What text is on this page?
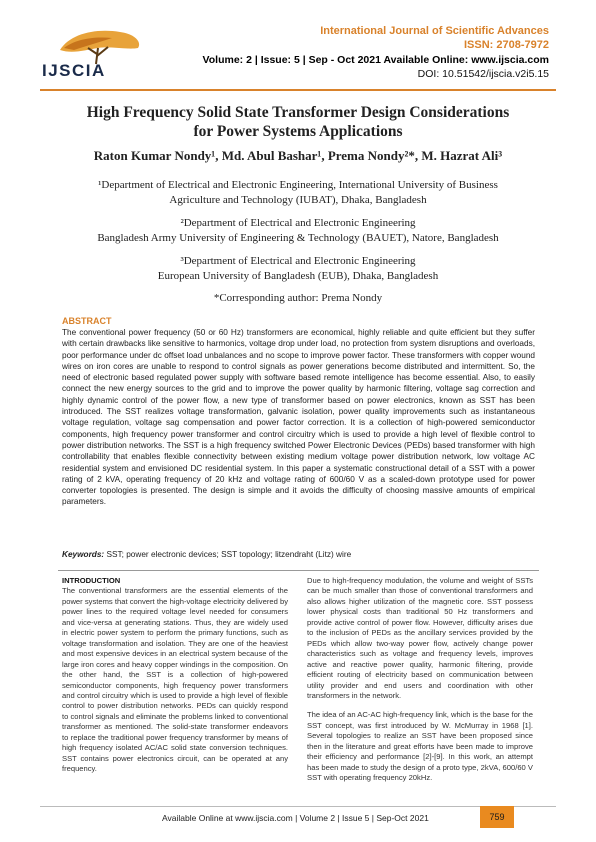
IJSCIA
International Journal of Scientific Advances
ISSN: 2708-7972
Volume: 2 | Issue: 5 | Sep - Oct 2021 Available Online: www.ijscia.com
DOI: 10.51542/ijscia.v2i5.15
High Frequency Solid State Transformer Design Considerations
for Power Systems Applications
Raton Kumar Nondy¹, Md. Abul Bashar¹, Prema Nondy²*, M. Hazrat Ali³
¹Department of Electrical and Electronic Engineering, International University of Business
Agriculture and Technology (IUBAT), Dhaka, Bangladesh
²Department of Electrical and Electronic Engineering
Bangladesh Army University of Engineering & Technology (BAUET), Natore, Bangladesh
³Department of Electrical and Electronic Engineering
European University of Bangladesh (EUB), Dhaka, Bangladesh
*Corresponding author: Prema Nondy
ABSTRACT
The conventional power frequency (50 or 60 Hz) transformers are economical, highly reliable and quite efficient but they suffer with certain drawbacks like sensitive to harmonics, voltage drop under load, no protection from system disruptions and overloads, poor performance under dc offset load unbalances and no scope to improve power factor. These transformers with copper wound wires on iron cores are unable to respond to control signals as power generations become distributed and intermittent. So, the need of electronic based regulated power supply with software based remote intelligence has become essential. Also, to easily connect the new energy sources to the grid and to improve the power quality by harmonic filtering, voltage sag correction and highly dynamic control of the power flow, a new type of transformer based on power electronics, known as SST has been introduced. The SST realizes voltage transformation, galvanic isolation, power quality improvements such as instantaneous voltage regulation, voltage sag compensation and power factor correction. It is a collection of high-powered semiconductor components, high frequency power transformer and control circuitry which is used to provide a high level of flexible control to power distribution networks. The SST is a high frequency switched Power Electronic Devices (PEDs) based transformer with high controllability that enables flexible connectivity between existing medium voltage power distribution network, low voltage AC residential system and envisioned DC residential system. In this paper a systematic constructional detail of a SST with a power rating of 2 kVA, operating frequency of 20 kHz and voltage rating of 600/60 V as a scaled-down prototype used for power converter topologies is presented. The design is simple and it avoids the difficulty of choosing massive amounts of empirical parameters.
Keywords: SST; power electronic devices; SST topology; litzendraht (Litz) wire
INTRODUCTION
The conventional transformers are the essential elements of the power systems that convert the high-voltage electricity delivered by power lines to the required voltage level needed for consumers and vice-versa at generating stations. Thus, they are widely used in electric power system to perform the primary functions, such as voltage transformation and isolation. They are one of the heaviest and most expensive devices in an electrical system because of the large iron cores and heavy copper windings in the composition. On the other hand, the SST is a collection of high-powered semiconductor components, high frequency power transformers and control circuitry which is used to provide a high level of flexible control to power distribution networks. PEDs can quickly respond to control signals and eliminate the problems linked to conventional transformer as mentioned. The solid-state transformer endeavors to replace the traditional power frequency transformer by means of high frequency isolated AC/AC solid state conversion techniques. SST contains power electronics circuit, can be operated at any frequency.
Due to high-frequency modulation, the volume and weight of SSTs can be much smaller than those of conventional transformers and also allows higher utilization of the magnetic core. SST possess lower physical costs than traditional 50 Hz transformers and provide active control of power flow. However, difficulty arises due to the inclusion of PEDs as the ancillary services provided by the PEDs which allow two-way power flow, actively change power characteristics such as voltage and frequency levels, improves active and reactive power quality, harmonic filtering, provide efficient routing of electricity based on communication between utility provider and end users and coordination with other transformers in the network.
The idea of an AC-AC high-frequency link, which is the base for the SST concept, was first introduced by W. McMurray in 1968 [1]. Several topologies to realize an SST have been proposed since then in the literature and great efforts have been made to improve their efficiency and performance [2]-[9]. In this work, an attempt has been made to study the design of a proto type, 2kVA, 600/60 V SST with operating frequency 20kHz.
Available Online at www.ijscia.com | Volume 2 | Issue 5 | Sep-Oct 2021	759
